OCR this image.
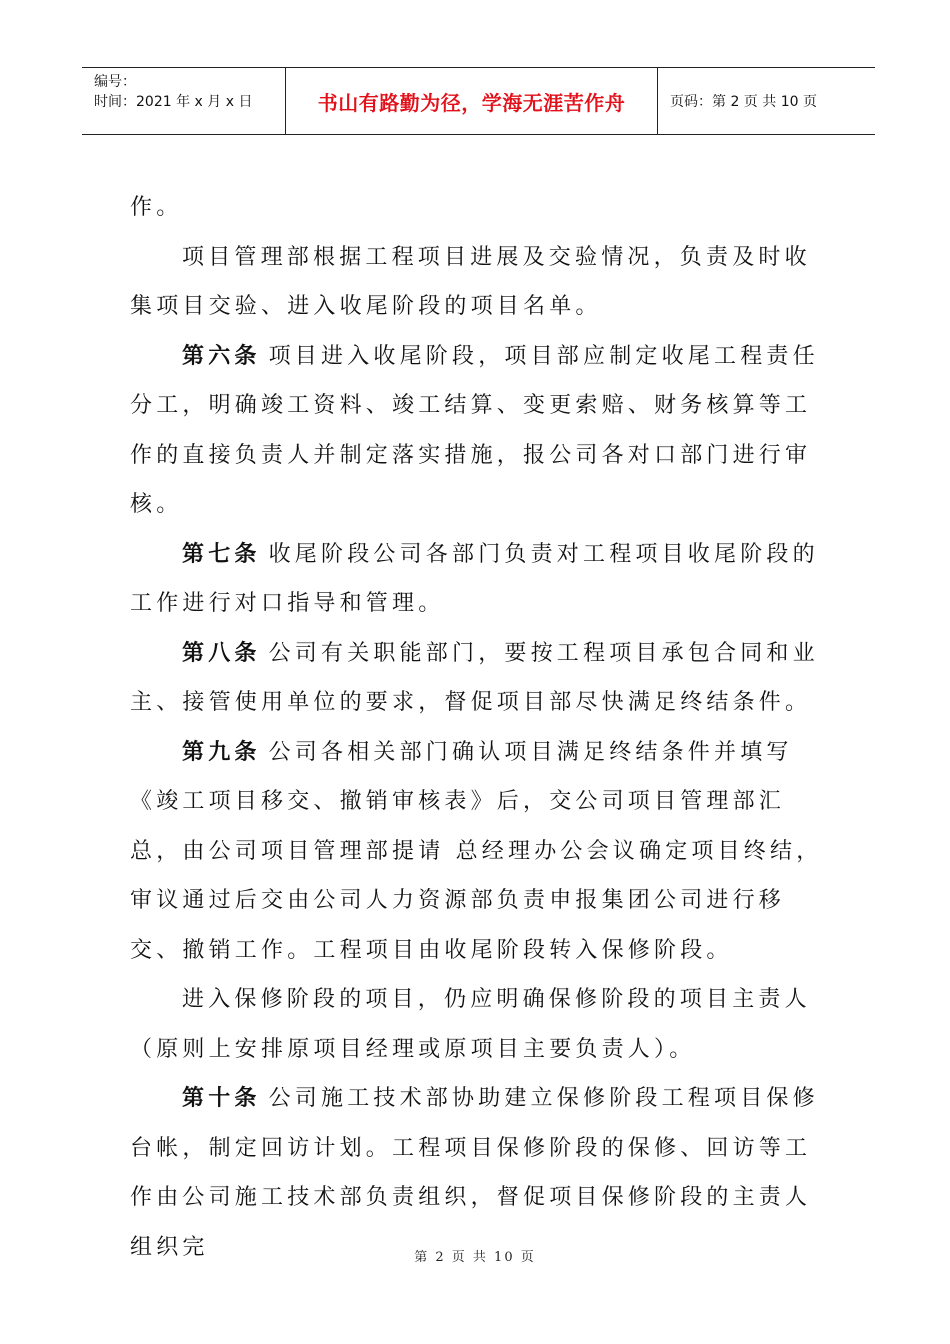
编号：
时间：2021 年 x 月 x 日	书山有路勤为径，学海无涯苦作舟	页码：第 2 页 共 10 页

作。

项目管理部根据工程项目进展及交验情况，负责及时收集项目交验、进入收尾阶段的项目名单。

第六条 项目进入收尾阶段，项目部应制定收尾工程责任分工，明确竣工资料、竣工结算、变更索赔、财务核算等工作的直接负责人并制定落实措施，报公司各对口部门进行审核。

第七条 收尾阶段公司各部门负责对工程项目收尾阶段的工作进行对口指导和管理。

第八条 公司有关职能部门，要按工程项目承包合同和业主、接管使用单位的要求，督促项目部尽快满足终结条件。

第九条 公司各相关部门确认项目满足终结条件并填写《竣工项目移交、撤销审核表》后，交公司项目管理部汇总，由公司项目管理部提请 总经理办公会议确定项目终结，审议通过后交由公司人力资源部负责申报集团公司进行移交、撤销工作。工程项目由收尾阶段转入保修阶段。

进入保修阶段的项目，仍应明确保修阶段的项目主责人（原则上安排原项目经理或原项目主要负责人）。

第十条 公司施工技术部协助建立保修阶段工程项目保修台帐，制定回访计划。工程项目保修阶段的保修、回访等工作由公司施工技术部负责组织，督促项目保修阶段的主责人组织完	第 2 页 共 10 页
